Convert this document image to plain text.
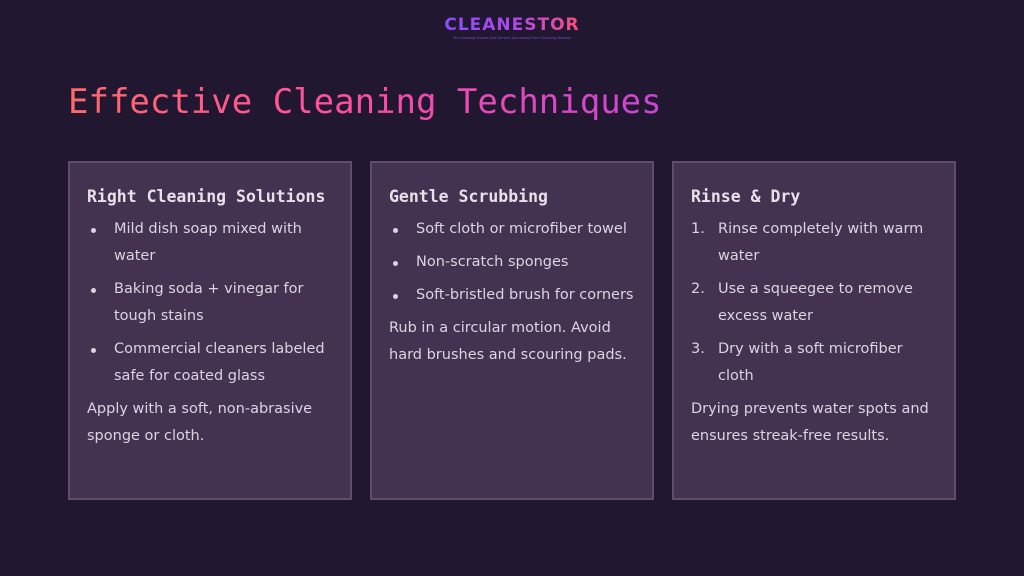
CLEANESTOR
Pro Cleaning Guides And Service Journalism From Cleaning Nations
Effective Cleaning Techniques
Right Cleaning Solutions
Mild dish soap mixed with water
Baking soda + vinegar for tough stains
Commercial cleaners labeled safe for coated glass

Apply with a soft, non-abrasive sponge or cloth.

Gentle Scrubbing
Soft cloth or microfiber towel
Non-scratch sponges
Soft-bristled brush for corners

Rub in a circular motion. Avoid hard brushes and scouring pads.

Rinse & Dry
1. Rinse completely with warm water
2. Use a squeegee to remove excess water
3. Dry with a soft microfiber cloth

Drying prevents water spots and ensures streak-free results.
